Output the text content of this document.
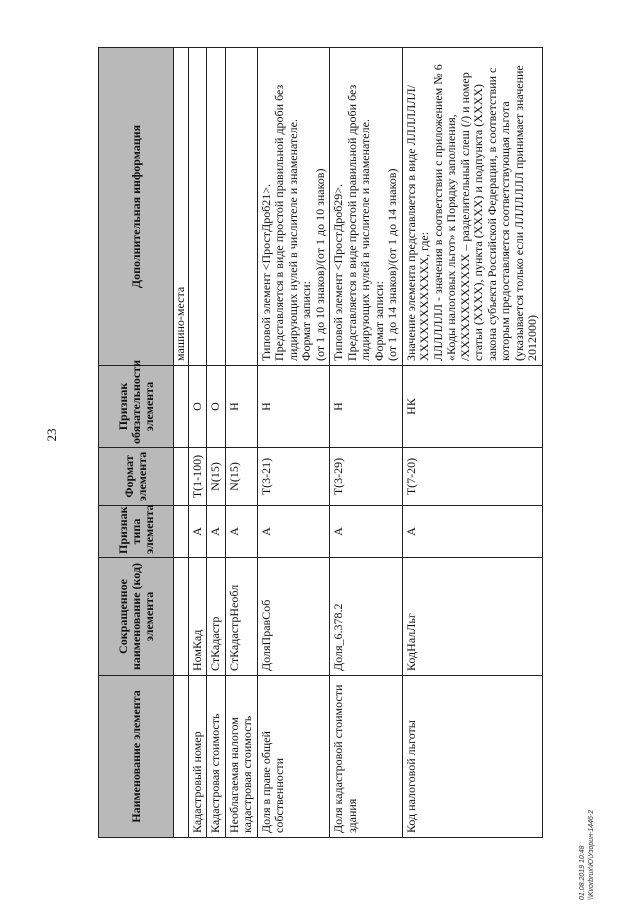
23
Наименование элемента	Сокращенное наименование (код) элемента	Признак типа элемента	Формат элемента	Признак обязательности элемента	Дополнительная информация
					машино-места
Кадастровый номер	НомКад	А	T(1-100)	О	
Кадастровая стоимость	СтКадастр	А	N(15)	О	
Необлагаемая налогом кадастровая стоимость	СтКадастрНеобл	А	N(15)	Н	
Доля в праве общей собственности	ДоляПравСоб	А	T(3-21)	Н	Типовой элемент <ПростДроб21>.
Представляется в виде простой правильной дроби без лидирующих нулей в числителе и знаменателе.
Формат записи:
(от 1 до 10 знаков)/(от 1 до 10 знаков)
Доля кадастровой стоимости здания	Доля_6.378.2	А	T(3-29)	Н	Типовой элемент <ПростДроб29>.
Представляется в виде простой правильной дроби без лидирующих нулей в числителе и знаменателе.
Формат записи:
(от 1 до 14 знаков)/(от 1 до 14 знаков)
Код налоговой льготы	КодНалЛьг	А	T(7-20)	НК	Значение элемента представляется в виде ЛЛЛЛЛЛЛ/ХХХХХХХХХХХХ, где:
ЛЛЛЛЛЛЛ - значения в соответствии с приложением № 6 «Коды налоговых льгот» к Порядку заполнения,
/ХХХХХХХХХХХХ – разделительный слеш (/) и номер статьи (ХХХХ), пункта (ХХХХ) и подпункта (ХХХХ) закона субъекта Российской Федерации, в соответствии с которым предоставляется соответствующая льгота (указывается только если ЛЛЛЛЛЛЛ принимает значение 2012000)
01.08.2019 10:48 \\Kvorbrux\Ю\Узорин-1446-2
